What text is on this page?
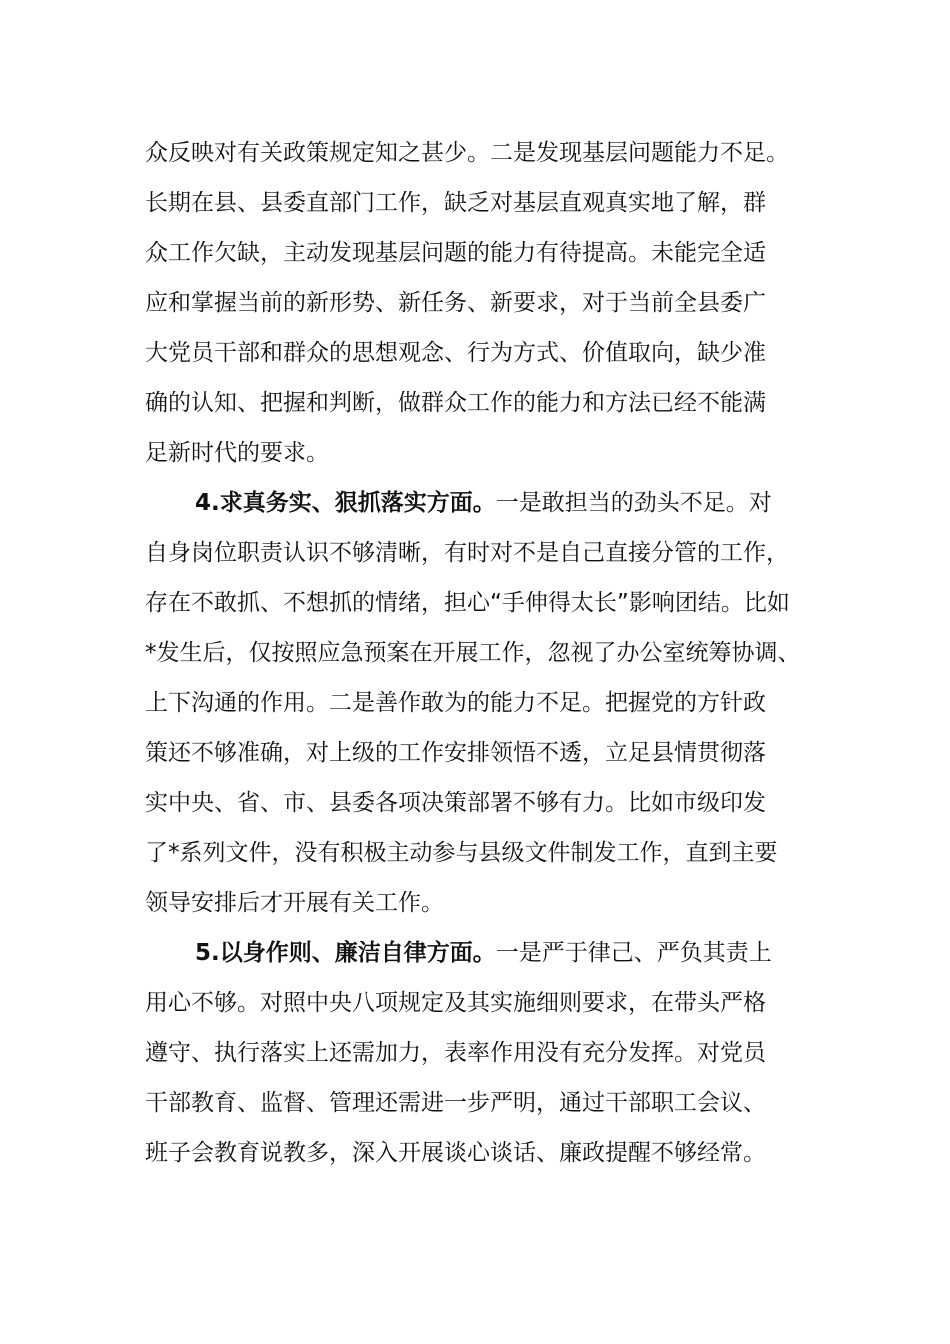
众反映对有关政策规定知之甚少。二是发现基层问题能力不足。
长期在县、县委直部门工作，缺乏对基层直观真实地了解，群
众工作欠缺，主动发现基层问题的能力有待提高。未能完全适
应和掌握当前的新形势、新任务、新要求，对于当前全县委广
大党员干部和群众的思想观念、行为方式、价值取向，缺少准
确的认知、把握和判断，做群众工作的能力和方法已经不能满
足新时代的要求。
4.求真务实、狠抓落实方面。一是敢担当的劲头不足。对
自身岗位职责认识不够清晰，有时对不是自己直接分管的工作，
存在不敢抓、不想抓的情绪，担心“手伸得太长”影响团结。比如
*发生后，仅按照应急预案在开展工作，忽视了办公室统筹协调、
上下沟通的作用。二是善作敢为的能力不足。把握党的方针政
策还不够准确，对上级的工作安排领悟不透，立足县情贯彻落
实中央、省、市、县委各项决策部署不够有力。比如市级印发
了*系列文件，没有积极主动参与县级文件制发工作，直到主要
领导安排后才开展有关工作。
5.以身作则、廉洁自律方面。一是严于律己、严负其责上
用心不够。对照中央八项规定及其实施细则要求，在带头严格
遵守、执行落实上还需加力，表率作用没有充分发挥。对党员
干部教育、监督、管理还需进一步严明，通过干部职工会议、
班子会教育说教多，深入开展谈心谈话、廉政提醒不够经常。
